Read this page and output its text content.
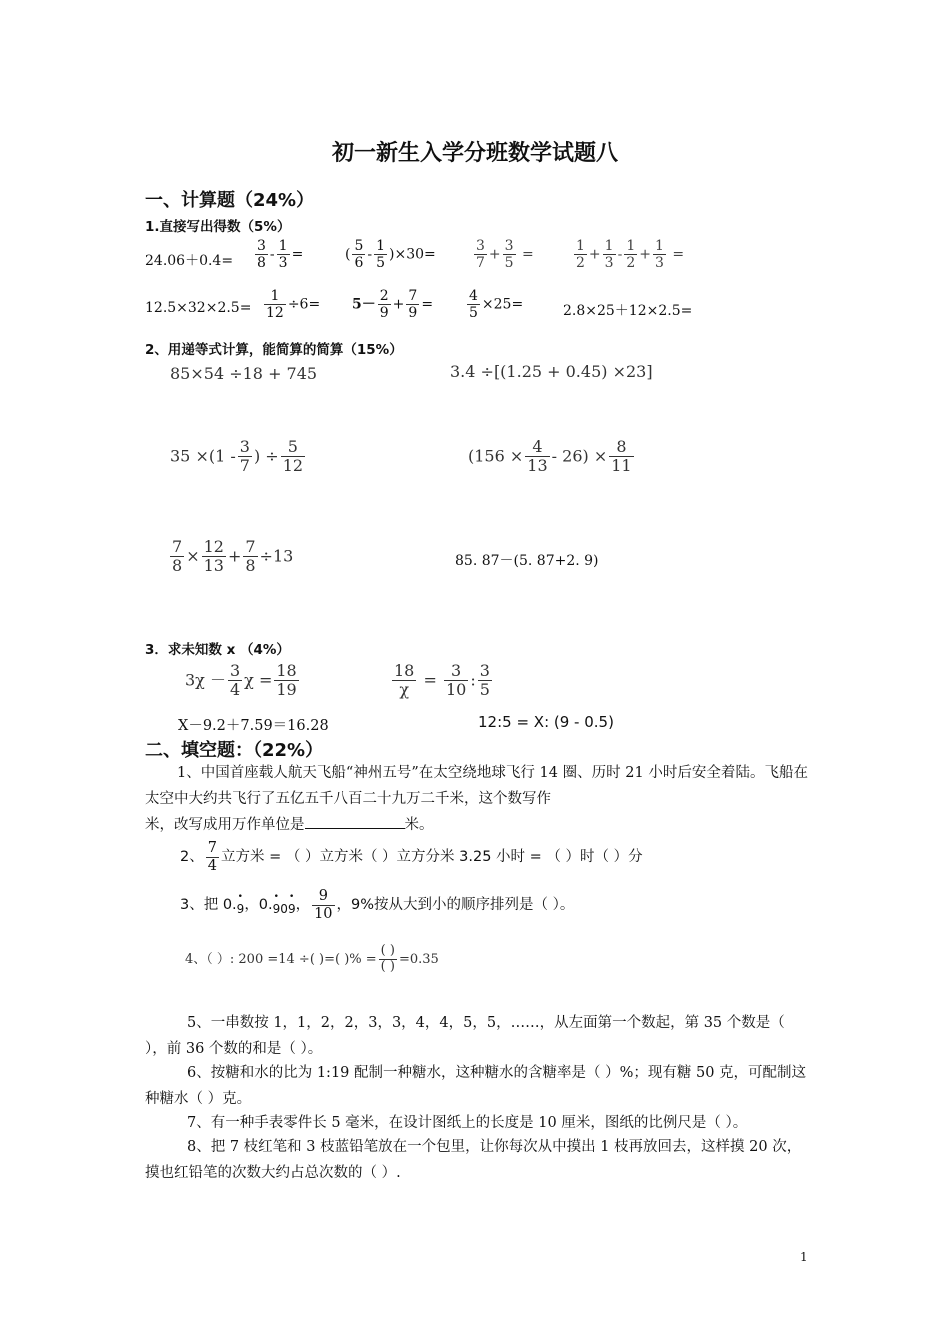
初一新生入学分班数学试题八
一、计算题（24%）
1.直接写出得数（5%）
$24.06+0.4= \frac{3}{8} - \frac{1}{3}$ =	( $\frac{5}{6} - \frac{1}{5} )\times 30=$	$\frac{3}{7} + \frac{3}{5}$ =	$\frac{1}{2} + \frac{1}{3} - \frac{1}{2} + \frac{1}{3}$ =
$12.5\times 32\times 2.5= \frac{1}{12} \div 6= 5- \frac{2}{9} + \frac{7}{9} = \frac{4}{5} \times 25=$	2.8×25＋12×2.5=
2、用递等式计算，能简算的简算（15%）
85×54 ÷18 + 745	3.4 ÷[(1.25 + 0.45) ×23]
$35 \times(1 - \frac{3}{7}$ ) ÷ $\frac{5}{12}$	$(156 \times \frac{4}{13} - 26) \times \frac{8}{11}$
$\frac{7}{8} \times \frac{12}{13} + \frac{7}{8} \div 13$	85. 87－(5. 87+2. 9)
3．求未知数 x （4%）
$3\chi - \frac{3}{4}$ $\chi = \frac{18}{19}$	$\frac{18}{\chi} = \frac{3}{10}$ : $\frac{3}{5}$
X－9.2＋7.59＝16.28	12:5 = X: (9 - 0.5)
二、填空题：（22%）
1、中国首座载人航天飞船“神州五号”在太空绕地球飞行 14 圈、历时 21 小时后安全着陆。飞船在太空中大约共飞行了五亿五千八百二十九万二千米，这个数写作
米，改写成用万作单位是	米。
2、 $\frac{7}{4}$ 立方米 = （ ）立方米（ ）立方分米 3.25 小时 = （ ）时（ ）分
3、把 0.• $_9$，0.• $_{90}$• $_9$， $\frac{9}{10}$ ，9%按从大到小的顺序排列是（ ）。
4、（ ）: 200 =14 ÷( )=( )% = $\frac{( )}{( )} =0.35$
5、一串数按 1，1，2，2，3，3，4，4，5，5，……，从左面第一个数起，第 35 个数是（ ），前 36 个数的和是（ ）。
6、按糖和水的比为 1:19 配制一种糖水，这种糖水的含糖率是（ ）%；现有糖 50 克，可配制这种糖水（ ）克。
7、有一种手表零件长 5 毫米，在设计图纸上的长度是 10 厘米，图纸的比例尺是（ ）。
8、把 7 枝红笔和 3 枝蓝铅笔放在一个包里，让你每次从中摸出 1 枝再放回去，这样摸 20 次，摸也红铅笔的次数大约占总次数的（ ）.
1
